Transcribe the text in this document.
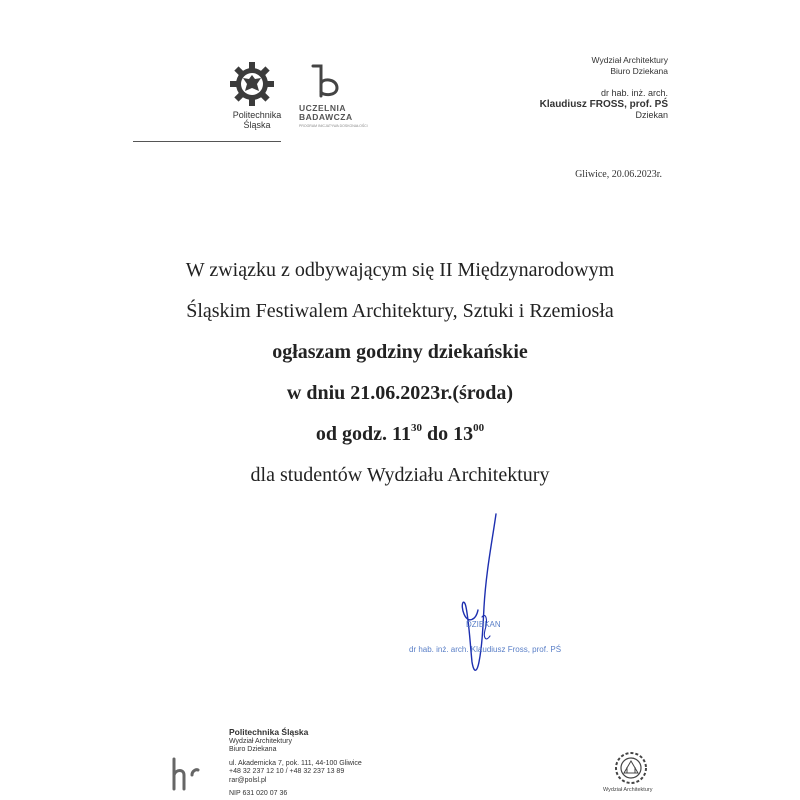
Politechnika
Śląska
UCZELNIA
BADAWCZA
PROGRAM INICJATYWA DOSKONAŁOŚCI
Wydział Architektury
Biuro Dziekana
dr hab. inż. arch.
Klaudiusz FROSS, prof. PŚ
Dziekan
Gliwice, 20.06.2023r.

W związku z odbywającym się II Międzynarodowym

Śląskim Festiwalem Architektury, Sztuki i Rzemiosła

ogłaszam godziny dziekańskie

w dniu 21.06.2023r.(środa)

od godz. $11^{30}$ do $13^{00}$

dla studentów Wydziału Architektury

DZIEKAN
dr hab. inż. arch. Klaudiusz Fross, prof. PŚ
Politechnika Śląska
Wydział Architektury
Biuro Dziekana
ul. Akademicka 7, pok. 111, 44-100 Gliwice
+48 32 237 12 10 / +48 32 237 13 89
rar@polsl.pl
NIP 631 020 07 36
Wydział Architektury
